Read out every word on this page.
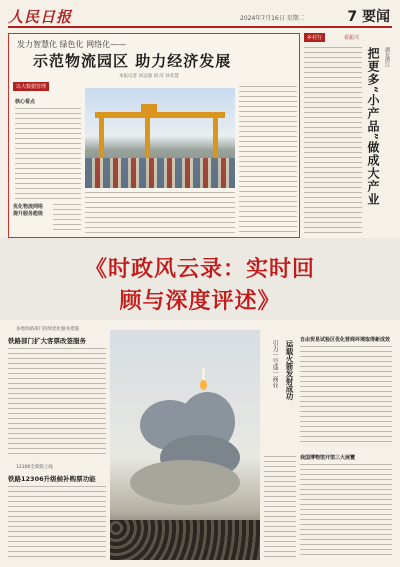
人民日报	2024年7月16日 星期二	7 要闻
发力智慧化 绿色化 网络化——
示范物流园区 助力经济发展
本报记者 刘志强 刘 洋 孙亚慧
以大数据管理
核心看点
优化物流网络 提升服务能级
乡村行	看振兴
湖北潜江
把更多“小产品”做成大产业
《时政风云录：实时回
顾与深度评述》
多地铁路部门持续优化服务措施
铁路部门扩大客票改签服务
12306全新版上线
铁路12306升级候补购票功能
运载火箭发射成功
引力一号遥一商业	自由贸易试验区优化营商环境取得新成效
我国博物馆开馆三大展覽
